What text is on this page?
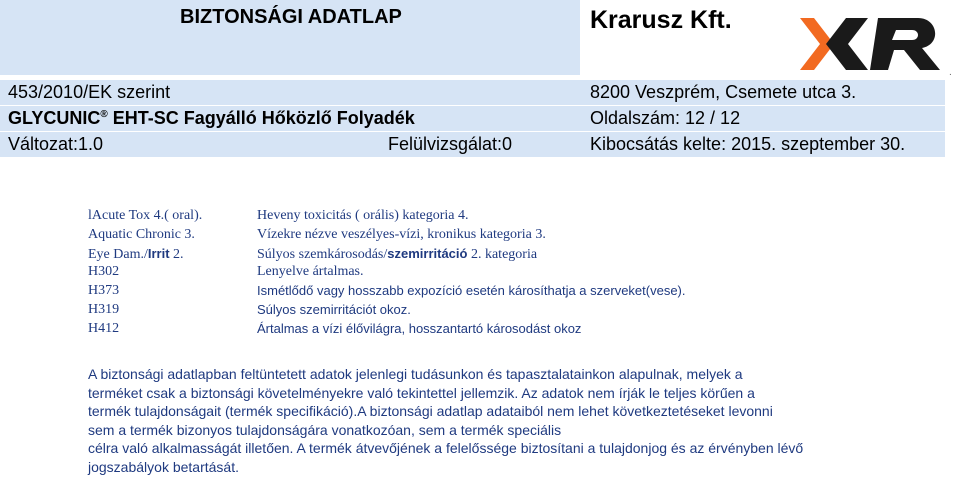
BIZTONSÁGI ADATLAP	Krarusz Kft.
.
453/2010/EK szerint	8200 Veszprém, Csemete utca 3.
GLYCUNIC® EHT-SC Fagyálló Hőközlő Folyadék	Oldalszám: 12 / 12
Változat:1.0	Felülvizsgálat:0	Kibocsátás kelte: 2015. szeptember 30.
lAcute Tox 4.( oral).	Heveny toxicitás ( orális) kategoria 4.
Aquatic Chronic 3.	Vízekre nézve veszélyes-vízi, kronikus kategoria 3.
Eye Dam./Irrit 2.	Súlyos szemkárosodás/szemirritáció 2. kategoria
H302	Lenyelve ártalmas.
H373	Ismétlődő vagy hosszabb expozíció esetén károsíthatja a szerveket(vese).
H319	Súlyos szemirritációt okoz.
H412	Ártalmas a vízi élővilágra, hosszantartó károsodást okoz
A biztonsági adatlapban feltüntetett adatok jelenlegi tudásunkon és tapasztalatainkon alapulnak, melyek a
terméket csak a biztonsági követelményekre való tekintettel jellemzik. Az adatok nem írják le teljes körűen a
termék tulajdonságait (termék specifikáció).A biztonsági adatlap adataiból nem lehet következtetéseket levonni
sem a termék bizonyos tulajdonságára vonatkozóan, sem a termék speciális
célra való alkalmasságát illetően. A termék átvevőjének a felelőssége biztosítani a tulajdonjog és az érvényben lévő
jogszabályok betartását.
